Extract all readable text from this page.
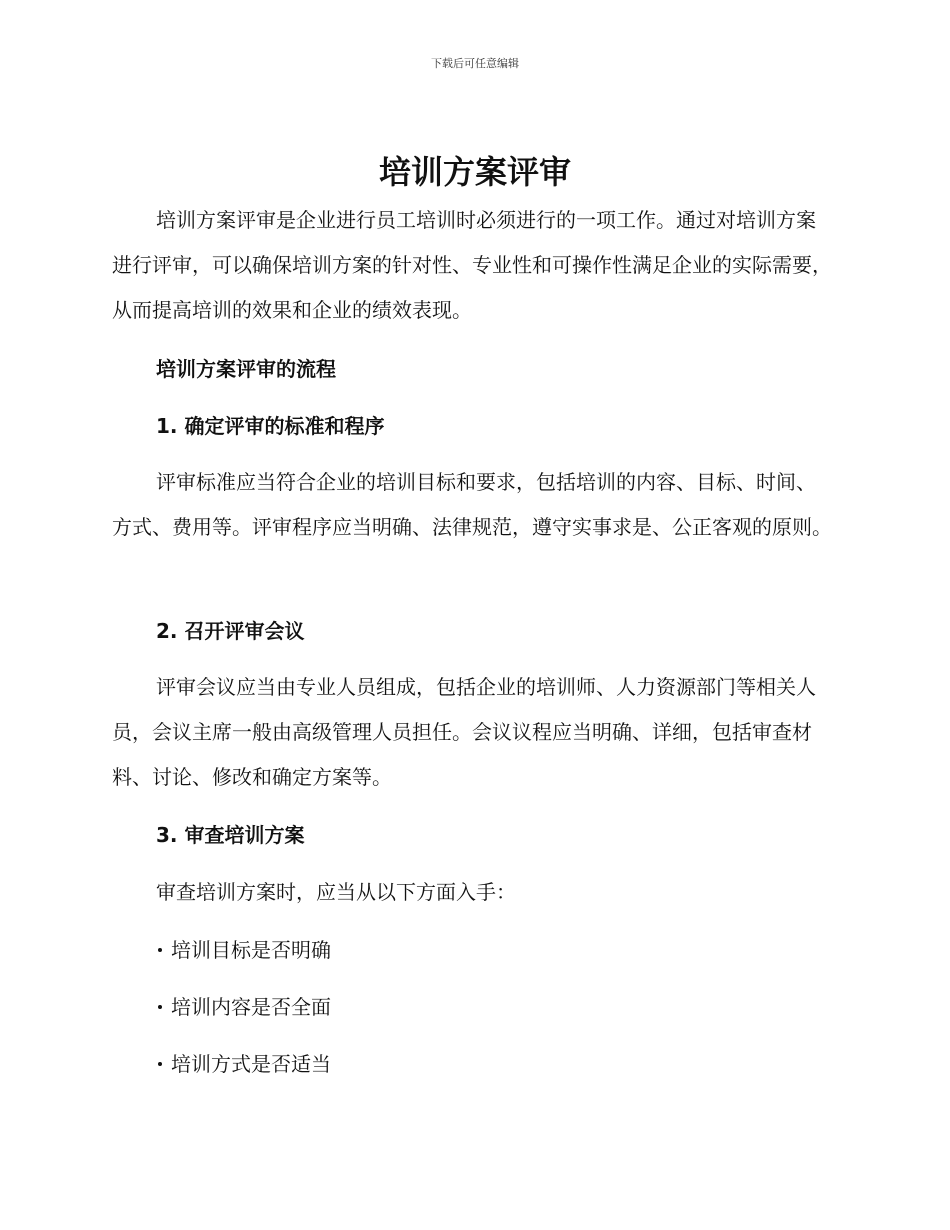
下载后可任意编辑
培训方案评审

培训方案评审是企业进行员工培训时必须进行的一项工作。通过对培训方案进行评审，可以确保培训方案的针对性、专业性和可操作性满足企业的实际需要，从而提高培训的效果和企业的绩效表现。

培训方案评审的流程
1. 确定评审的标准和程序

评审标准应当符合企业的培训目标和要求，包括培训的内容、目标、时间、方式、费用等。评审程序应当明确、法律规范，遵守实事求是、公正客观的原则。

2. 召开评审会议

评审会议应当由专业人员组成，包括企业的培训师、人力资源部门等相关人员，会议主席一般由高级管理人员担任。会议议程应当明确、详细，包括审查材料、讨论、修改和确定方案等。

3. 审查培训方案
审查培训方案时，应当从以下方面入手：
培训目标是否明确
培训内容是否全面
培训方式是否适当
